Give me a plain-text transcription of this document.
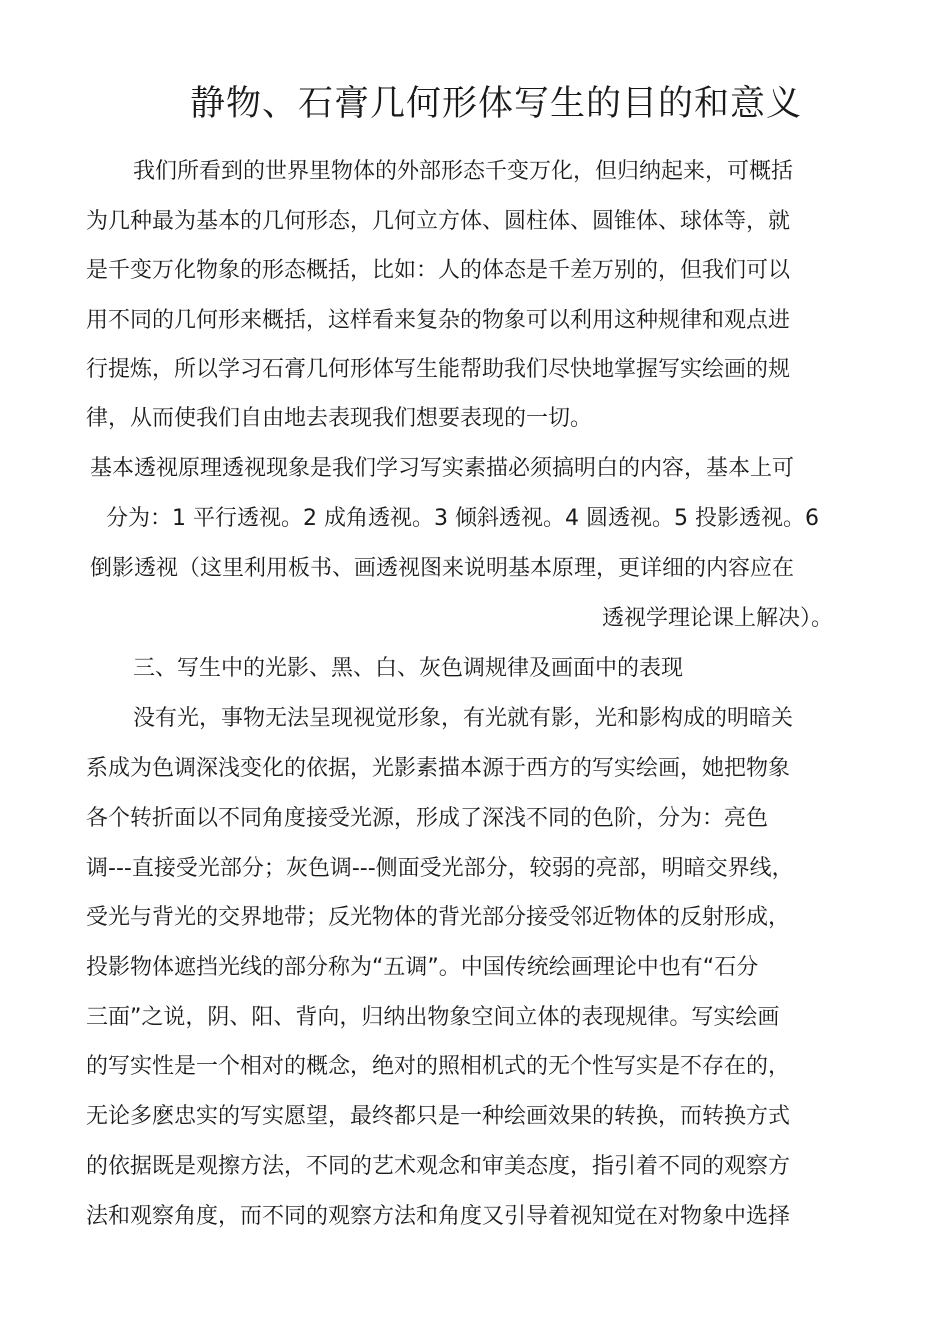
静物、石膏几何形体写生的目的和意义

我们所看到的世界里物体的外部形态千变万化，但归纳起来，可概括

为几种最为基本的几何形态，几何立方体、圆柱体、圆锥体、球体等，就

是千变万化物象的形态概括，比如：人的体态是千差万别的，但我们可以

用不同的几何形来概括，这样看来复杂的物象可以利用这种规律和观点进

行提炼，所以学习石膏几何形体写生能帮助我们尽快地掌握写实绘画的规

律，从而使我们自由地去表现我们想要表现的一切。

基本透视原理透视现象是我们学习写实素描必须搞明白的内容，基本上可

分为：1 平行透视。2 成角透视。3 倾斜透视。4 圆透视。5 投影透视。6

倒影透视（这里利用板书、画透视图来说明基本原理，更详细的内容应在

透视学理论课上解决）。

三、写生中的光影、黑、白、灰色调规律及画面中的表现

没有光，事物无法呈现视觉形象，有光就有影，光和影构成的明暗关

系成为色调深浅变化的依据，光影素描本源于西方的写实绘画，她把物象

各个转折面以不同角度接受光源，形成了深浅不同的色阶，分为：亮色

调---直接受光部分；灰色调---侧面受光部分，较弱的亮部，明暗交界线，

受光与背光的交界地带；反光物体的背光部分接受邻近物体的反射形成，

投影物体遮挡光线的部分称为“五调”。中国传统绘画理论中也有“石分

三面”之说，阴、阳、背向，归纳出物象空间立体的表现规律。写实绘画

的写实性是一个相对的概念，绝对的照相机式的无个性写实是不存在的，

无论多麽忠实的写实愿望，最终都只是一种绘画效果的转换，而转换方式

的依据既是观擦方法，不同的艺术观念和审美态度，指引着不同的观察方

法和观察角度，而不同的观察方法和角度又引导着视知觉在对物象中选择
